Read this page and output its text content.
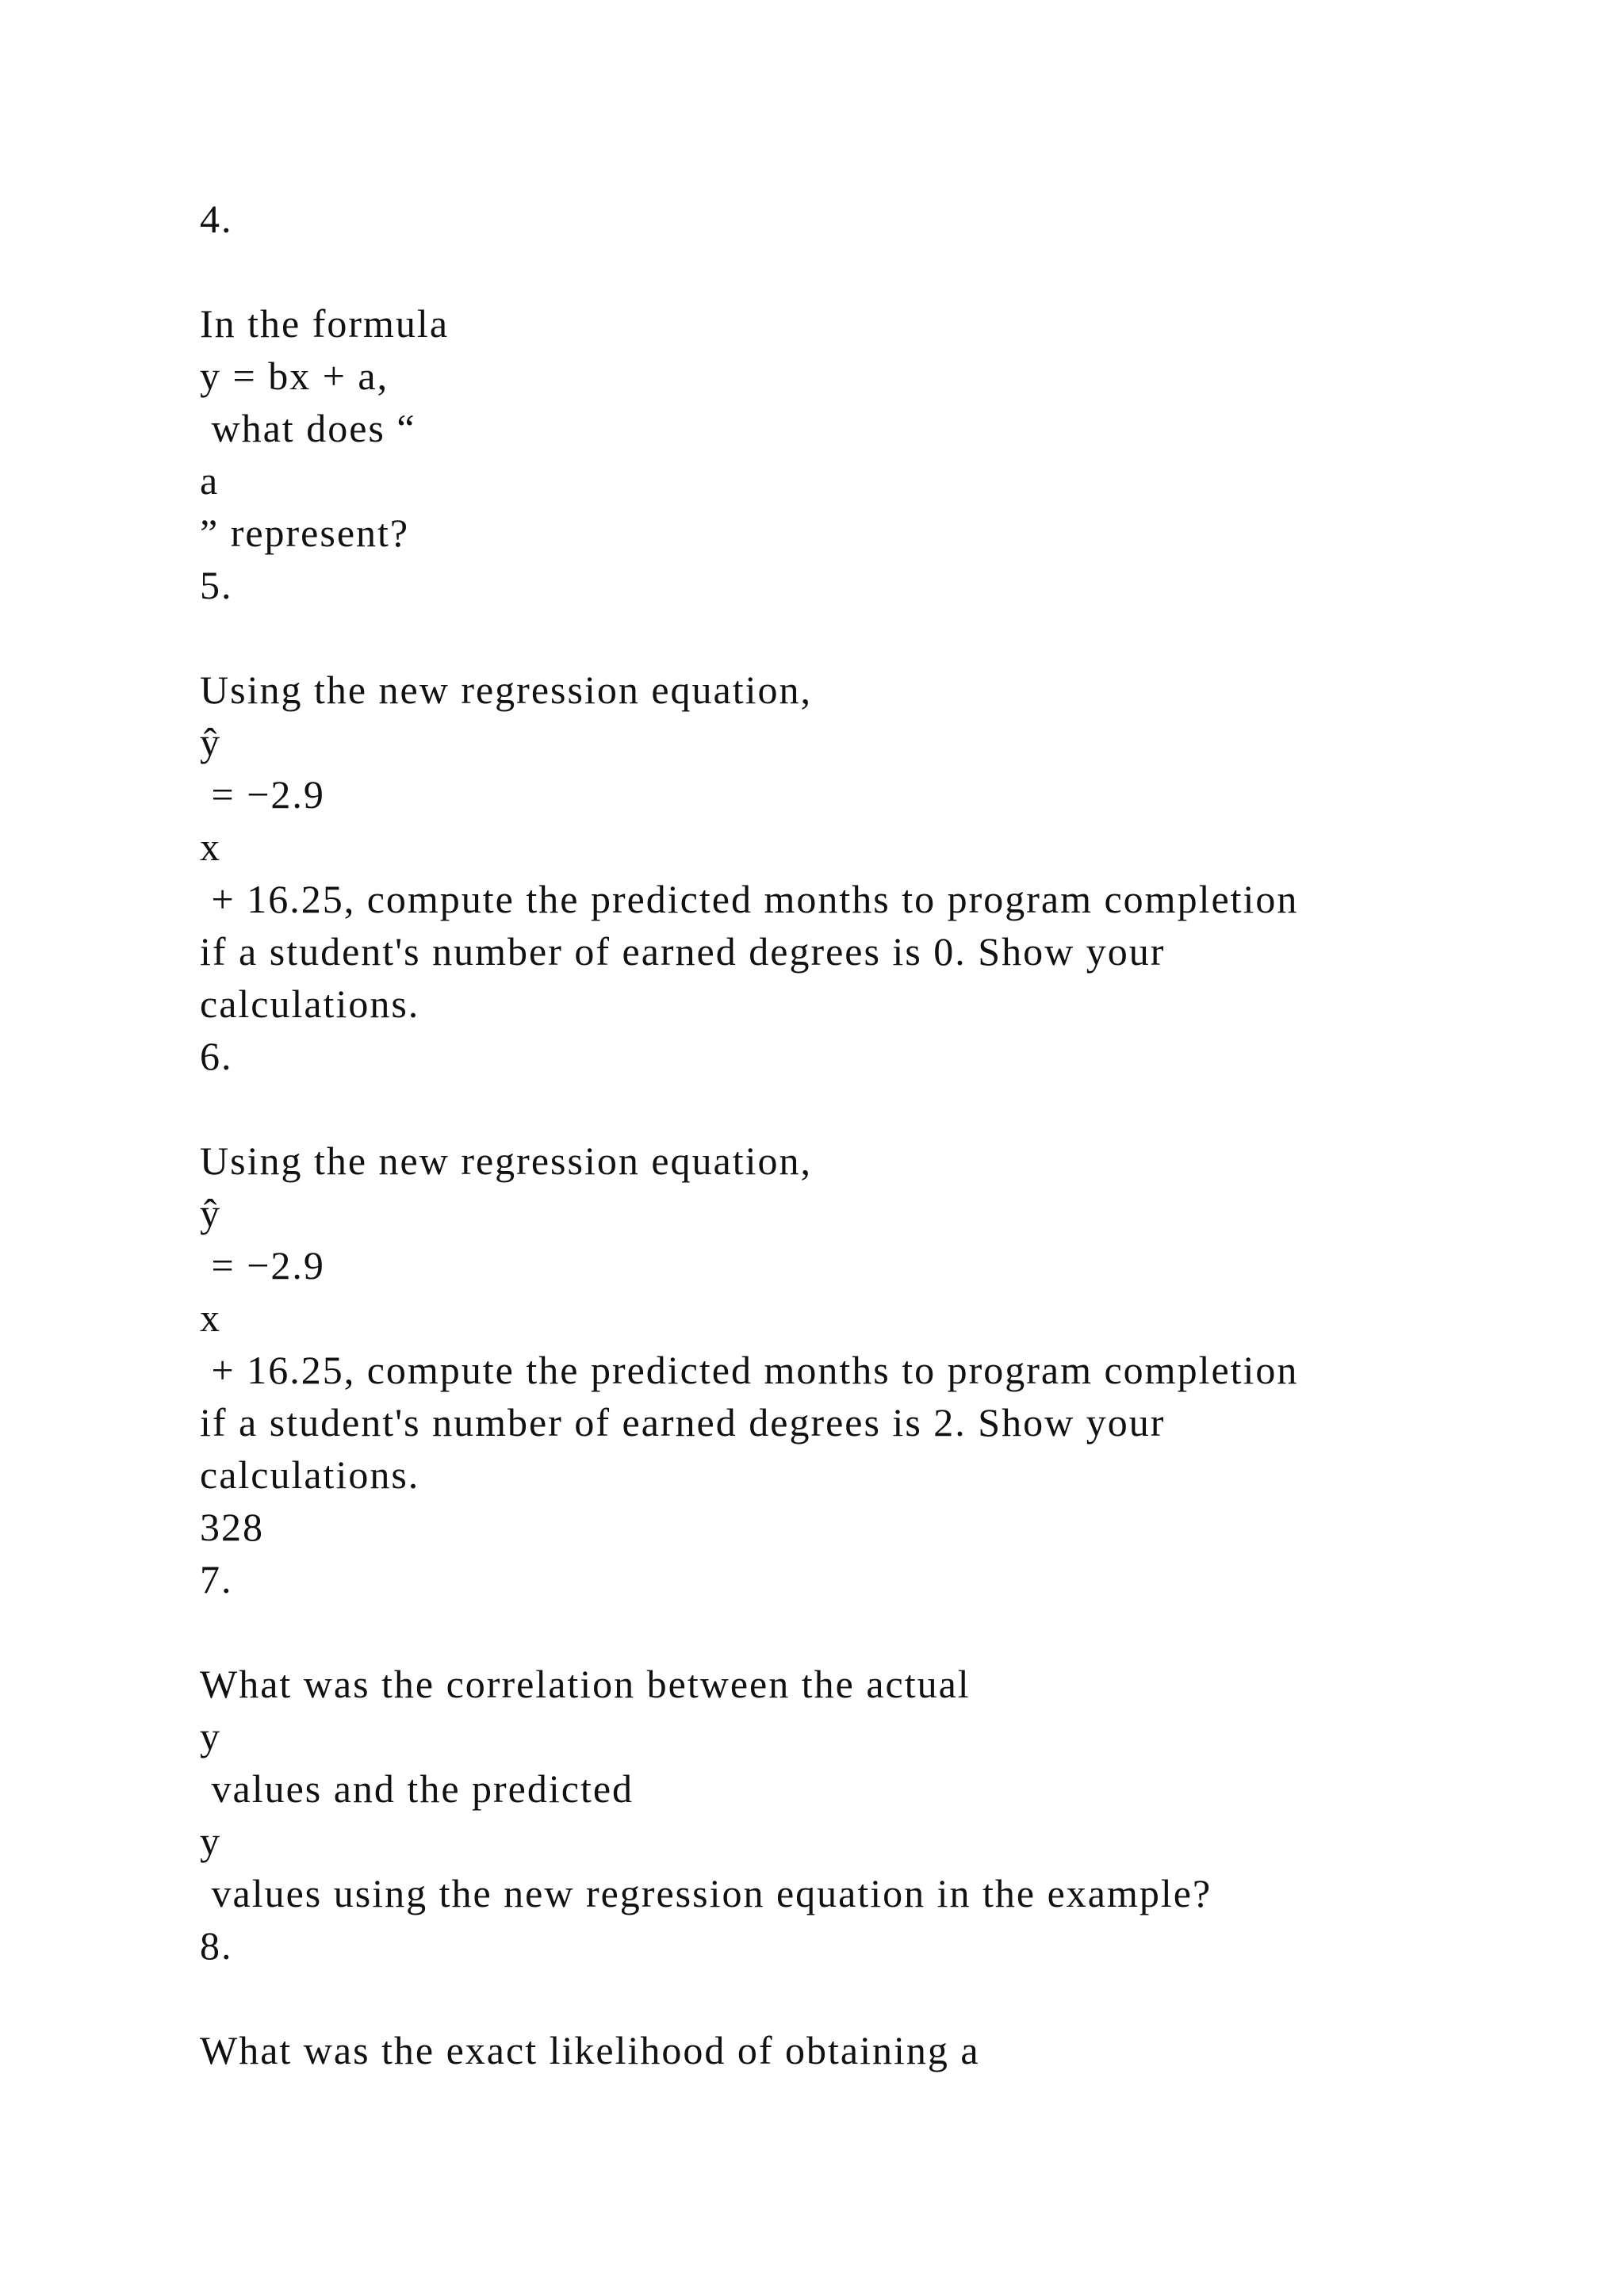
4.
In the formula
y = bx + a,
what does “
a
” represent?
5.
Using the new regression equation,
ŷ
= −2.9
x
+ 16.25, compute the predicted months to program completion
if a student's number of earned degrees is 0. Show your
calculations.
6.
Using the new regression equation,
ŷ
= −2.9
x
+ 16.25, compute the predicted months to program completion
if a student's number of earned degrees is 2. Show your
calculations.
328
7.
What was the correlation between the actual
y
values and the predicted
y
values using the new regression equation in the example?
8.
What was the exact likelihood of obtaining a
